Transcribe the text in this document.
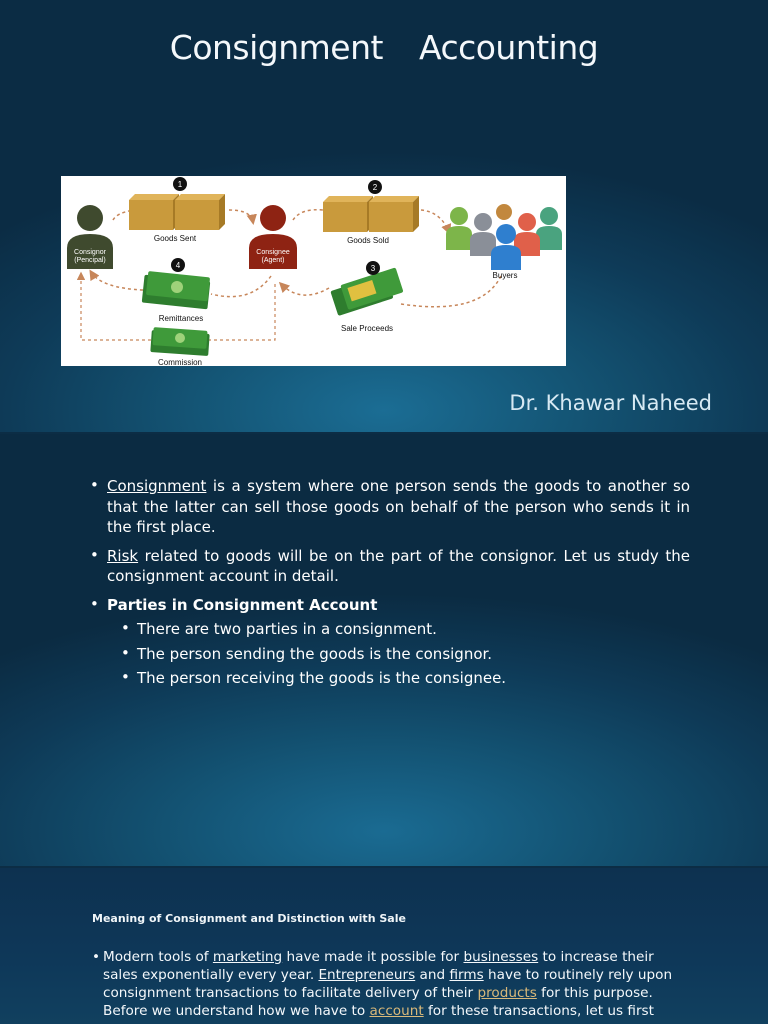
Consignment Accounting
Consignor
(Pencipal)
1
Goods Sent
Consignee
(Agent)
2
Goods Sold
Buyers
4
Remittances
3
Sale Proceeds
Commission
Dr. Khawar Naheed
• Consignment is a system where one person sends the goods to another so that the latter can sell those goods on behalf of the person who sends it in the first place.
• Risk related to goods will be on the part of the consignor. Let us study the consignment account in detail.
• Parties in Consignment Account
• There are two parties in a consignment.
• The person sending the goods is the consignor.
• The person receiving the goods is the consignee.
Meaning of Consignment and Distinction with Sale
• Modern tools of marketing have made it possible for businesses to increase their sales exponentially every year. Entrepreneurs and firms have to routinely rely upon consignment transactions to facilitate delivery of their products for this purpose. Before we understand how we have to account for these transactions, let us first
